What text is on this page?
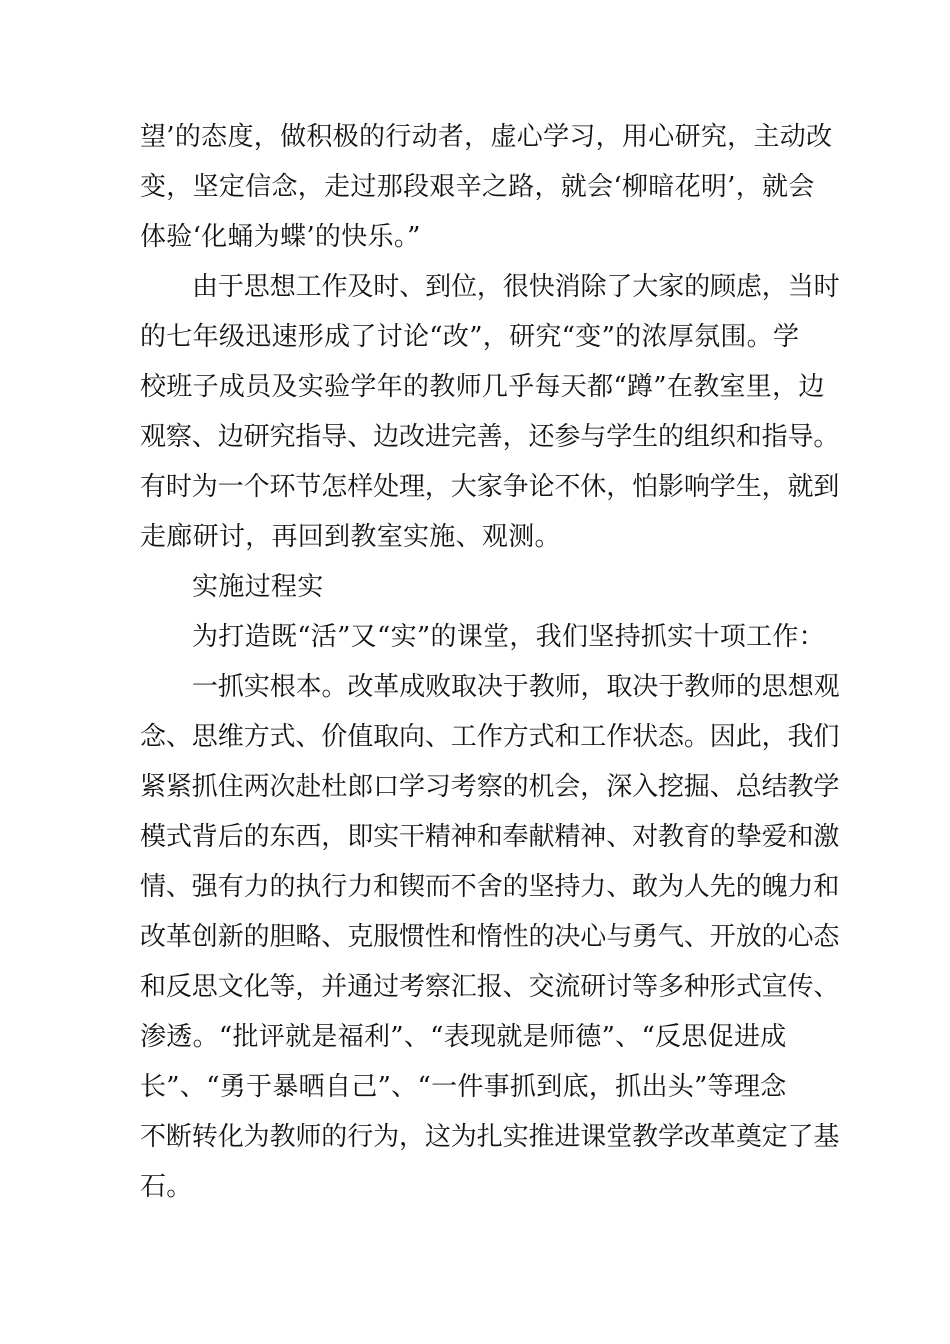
望’的态度，做积极的行动者，虚心学习，用心研究，主动改
变，坚定信念，走过那段艰辛之路，就会‘柳暗花明’，就会
体验‘化蛹为蝶’的快乐。”
由于思想工作及时、到位，很快消除了大家的顾虑，当时
的七年级迅速形成了讨论“改”，研究“变”的浓厚氛围。学
校班子成员及实验学年的教师几乎每天都“蹲”在教室里，边
观察、边研究指导、边改进完善，还参与学生的组织和指导。
有时为一个环节怎样处理，大家争论不休，怕影响学生，就到
走廊研讨，再回到教室实施、观测。
实施过程实
为打造既“活”又“实”的课堂，我们坚持抓实十项工作：
一抓实根本。改革成败取决于教师，取决于教师的思想观
念、思维方式、价值取向、工作方式和工作状态。因此，我们
紧紧抓住两次赴杜郎口学习考察的机会，深入挖掘、总结教学
模式背后的东西，即实干精神和奉献精神、对教育的挚爱和激
情、强有力的执行力和锲而不舍的坚持力、敢为人先的魄力和
改革创新的胆略、克服惯性和惰性的决心与勇气、开放的心态
和反思文化等，并通过考察汇报、交流研讨等多种形式宣传、
渗透。“批评就是福利”、“表现就是师德”、“反思促进成
长”、“勇于暴晒自己”、“一件事抓到底，抓出头”等理念
不断转化为教师的行为，这为扎实推进课堂教学改革奠定了基
石。
